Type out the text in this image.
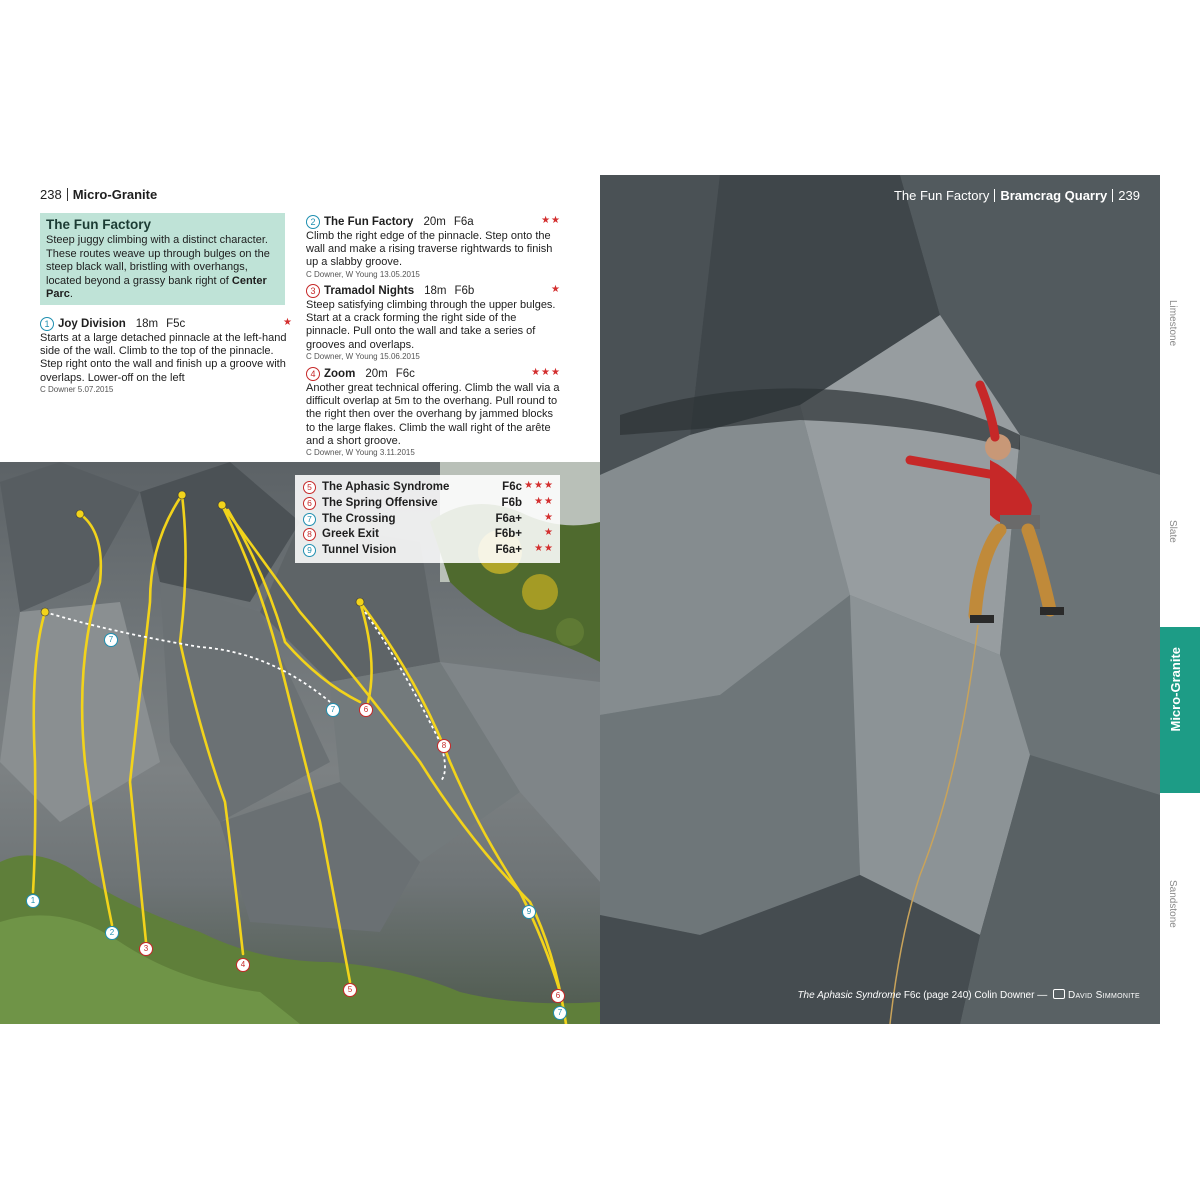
238 Micro-Granite
The Fun Factory
Steep juggy climbing with a distinct character. These routes weave up through bulges on the steep black wall, bristling with overhangs, located beyond a grassy bank right of Center Parc.
1 Joy Division 18m F5c	★
Starts at a large detached pinnacle at the left-hand side of the wall. Climb to the top of the pinnacle. Step right onto the wall and finish up a groove with overlaps. Lower-off on the left
C Downer 5.07.2015
2 The Fun Factory 20m F6a	★★
Climb the right edge of the pinnacle. Step onto the wall and make a rising traverse rightwards to finish up a slabby groove.
C Downer, W Young 13.05.2015
3 Tramadol Nights 18m F6b	★
Steep satisfying climbing through the upper bulges. Start at a crack forming the right side of the pinnacle. Pull onto the wall and take a series of grooves and overlaps.
C Downer, W Young 15.06.2015
4 Zoom 20m F6c	★★★
Another great technical offering. Climb the wall via a difficult overlap at 5m to the overhang. Pull round to the right then over the overhang by jammed blocks to the large flakes. Climb the wall right of the arête and a short groove.
C Downer, W Young 3.11.2015
1
2
3
4
5
6
7
7
8
9
6
7
5 The Aphasic Syndrome	F6c ★★★
6 The Spring Offensive	F6b ★★
7 The Crossing	F6a+ ★
8 Greek Exit	F6b+ ★
9 Tunnel Vision	F6a+ ★★
The Fun Factory Bramcrag Quarry 239
The Aphasic Syndrome F6c (page 240) Colin Downer — David Simmonite
Limestone
Slate
Sandstone
Micro-Granite
